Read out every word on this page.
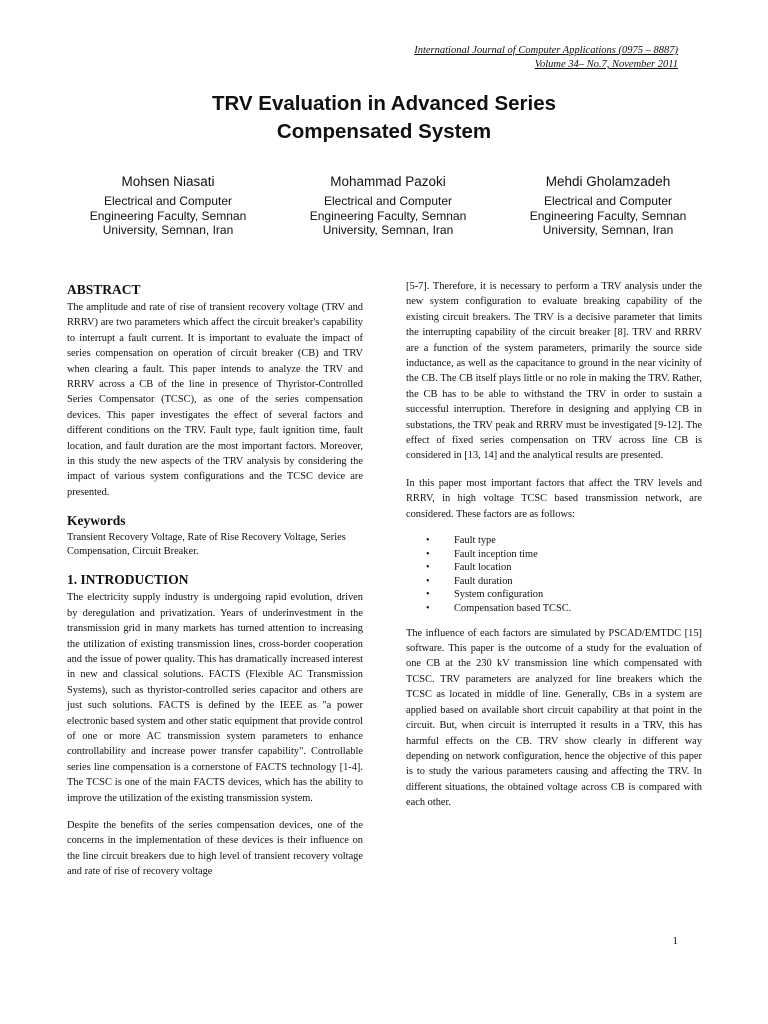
International Journal of Computer Applications (0975 – 8887)
Volume 34– No.7, November 2011
TRV Evaluation in Advanced Series
Compensated System
Mohsen Niasati
Electrical and Computer
Engineering Faculty, Semnan
University, Semnan, Iran
Mohammad Pazoki
Electrical and Computer
Engineering Faculty, Semnan
University, Semnan, Iran
Mehdi Gholamzadeh
Electrical and Computer
Engineering Faculty, Semnan
University, Semnan, Iran
ABSTRACT

The amplitude and rate of rise of transient recovery voltage (TRV and RRRV) are two parameters which affect the circuit breaker's capability to interrupt a fault current. It is important to evaluate the impact of series compensation on operation of circuit breaker (CB) and TRV when clearing a fault. This paper intends to analyze the TRV and RRRV across a CB of the line in presence of Thyristor-Controlled Series Compensator (TCSC), as one of the series compensation devices. This paper investigates the effect of several factors and different conditions on the TRV. Fault type, fault ignition time, fault location, and fault duration are the most important factors. Moreover, in this study the new aspects of the TRV analysis by considering the impact of various system configurations and the TCSC device are presented.

Keywords

Transient Recovery Voltage, Rate of Rise Recovery Voltage, Series Compensation, Circuit Breaker.

1. INTRODUCTION

The electricity supply industry is undergoing rapid evolution, driven by deregulation and privatization. Years of underinvestment in the transmission grid in many markets has turned attention to increasing the utilization of existing transmission lines, cross-border cooperation and the issue of power quality. This has dramatically increased interest in new and classical solutions. FACTS (Flexible AC Transmission Systems), such as thyristor-controlled series capacitor and others are just such solutions. FACTS is defined by the IEEE as "a power electronic based system and other static equipment that provide control of one or more AC transmission system parameters to enhance controllability and increase power transfer capability". Controllable series line compensation is a cornerstone of FACTS technology [1-4]. The TCSC is one of the main FACTS devices, which has the ability to improve the utilization of the existing transmission system.

Despite the benefits of the series compensation devices, one of the concerns in the implementation of these devices is their influence on the line circuit breakers due to high level of transient recovery voltage and rate of rise of recovery voltage

[5-7]. Therefore, it is necessary to perform a TRV analysis under the new system configuration to evaluate breaking capability of the existing circuit breakers. The TRV is a decisive parameter that limits the interrupting capability of the circuit breaker [8]. TRV and RRRV are a function of the system parameters, primarily the source side inductance, as well as the capacitance to ground in the near vicinity of the CB. The CB itself plays little or no role in making the TRV. Rather, the CB has to be able to withstand the TRV in order to sustain a successful interruption. Therefore in designing and applying CB in substations, the TRV peak and RRRV must be investigated [9-12]. The effect of fixed series compensation on TRV across line CB is considered in [13, 14] and the analytical results are presented.

In this paper most important factors that affect the TRV levels and RRRV, in high voltage TCSC based transmission network, are considered. These factors are as follows:

• Fault type
• Fault inception time
• Fault location
• Fault duration
• System configuration
• Compensation based TCSC.

The influence of each factors are simulated by PSCAD/EMTDC [15] software. This paper is the outcome of a study for the evaluation of one CB at the 230 kV transmission line which compensated with TCSC. TRV parameters are analyzed for line breakers which the TCSC as located in middle of line. Generally, CBs in a system are applied based on available short circuit capability at that point in the circuit. But, when circuit is interrupted it results in a TRV, this has harmful effects on the CB. TRV show clearly in different way depending on network configuration, hence the objective of this paper is to study the various parameters causing and affecting the TRV. In different situations, the obtained voltage across CB is compared with each other.

1
